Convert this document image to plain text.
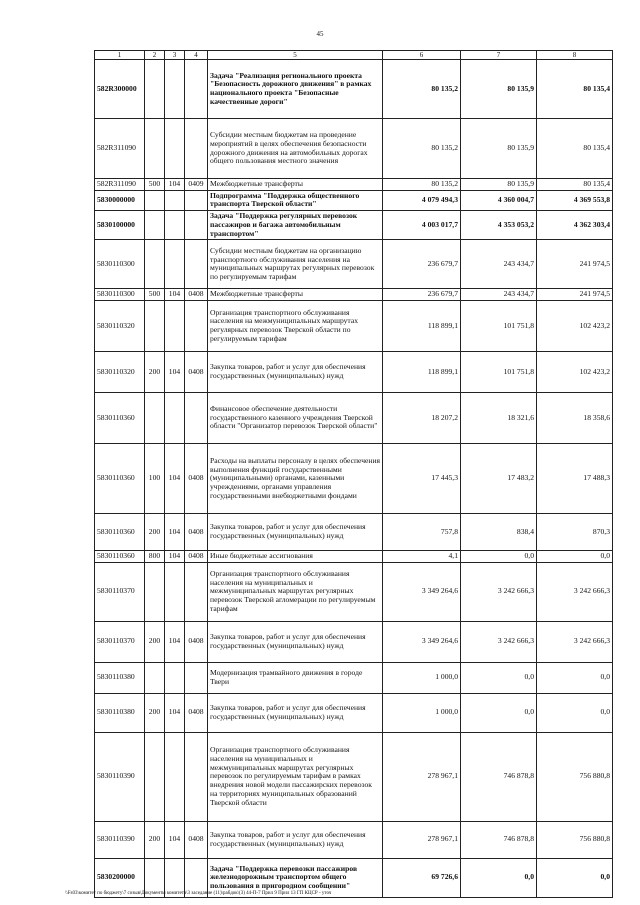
45
1	2	3	4	5	6	7	8
582R300000				Задача "Реализация регионального проекта "Безопасность дорожного движения" в рамках национального проекта "Безопасные качественные дороги"	80 135,2	80 135,9	80 135,4
582R311090				Субсидии местным бюджетам на проведение мероприятий в целях обеспечения безопасности дорожного движения на автомобильных дорогах общего пользования местного значения	80 135,2	80 135,9	80 135,4
582R311090	500	104	0409	Межбюджетные трансферты	80 135,2	80 135,9	80 135,4
5830000000				Подпрограмма "Поддержка общественного транспорта Тверской области"	4 079 494,3	4 360 004,7	4 369 553,8
5830100000				Задача "Поддержка регулярных перевозок пассажиров и багажа автомобильным транспортом"	4 003 017,7	4 353 053,2	4 362 303,4
5830110300				Субсидии местным бюджетам на организацию транспортного обслуживания населения на муниципальных маршрутах регулярных перевозок по регулируемым тарифам	236 679,7	243 434,7	241 974,5
5830110300	500	104	0408	Межбюджетные трансферты	236 679,7	243 434,7	241 974,5
5830110320				Организация транспортного обслуживания населения на межмуниципальных маршрутах регулярных перевозок Тверской области по регулируемым тарифам	118 899,1	101 751,8	102 423,2
5830110320	200	104	0408	Закупка товаров, работ и услуг для обеспечения государственных (муниципальных) нужд	118 899,1	101 751,8	102 423,2
5830110360				Финансовое обеспечение деятельности государственного казенного учреждения Тверской области "Организатор перевозок Тверской области"	18 207,2	18 321,6	18 358,6
5830110360	100	104	0408	Расходы на выплаты персоналу в целях обеспечения выполнения функций государственными (муниципальными) органами, казенными учреждениями, органами управления государственными внебюджетными фондами	17 445,3	17 483,2	17 488,3
5830110360	200	104	0408	Закупка товаров, работ и услуг для обеспечения государственных (муниципальных) нужд	757,8	838,4	870,3
5830110360	800	104	0408	Иные бюджетные ассигнования	4,1	0,0	0,0
5830110370				Организация транспортного обслуживания населения на муниципальных и межмуниципальных маршрутах регулярных перевозок Тверской агломерации по регулируемым тарифам	3 349 264,6	3 242 666,3	3 242 666,3
5830110370	200	104	0408	Закупка товаров, работ и услуг для обеспечения государственных (муниципальных) нужд	3 349 264,6	3 242 666,3	3 242 666,3
5830110380				Модернизация трамвайного движения в городе Твери	1 000,0	0,0	0,0
5830110380	200	104	0408	Закупка товаров, работ и услуг для обеспечения государственных (муниципальных) нужд	1 000,0	0,0	0,0
5830110390				Организация транспортного обслуживания населения на муниципальных и межмуниципальных маршрутах регулярных перевозок по регулируемым тарифам в рамках внедрения новой модели пассажирских перевозок на территориях муниципальных образований Тверской области	278 967,1	746 878,8	756 880,8
5830110390	200	104	0408	Закупка товаров, работ и услуг для обеспечения государственных (муниципальных) нужд	278 967,1	746 878,8	756 880,8
5830200000				Задача "Поддержка перевозки пассажиров железнодорожным транспортом общего пользования в пригородном сообщении"	69 726,6	0,0	0,0
\\Fs03\комитет по бюджету\7 созыв\Документы комитета\3 заседание (11)\рабдок\(3) 44-П-7 Прил 9 Прил 13 ГП КЦСР - уточ
